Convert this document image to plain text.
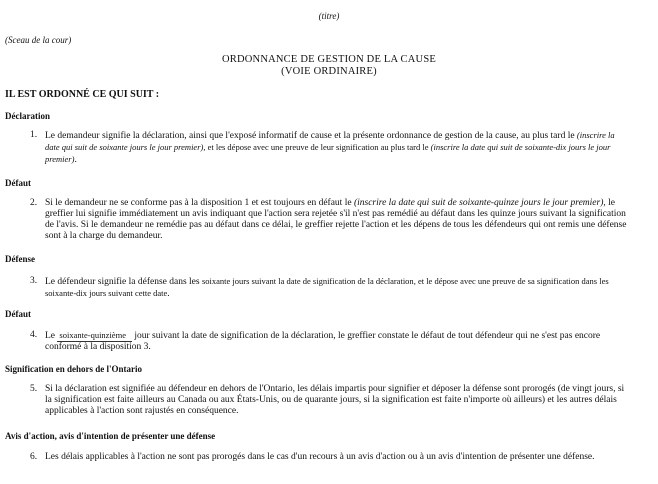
(titre)
(Sceau de la cour)
ORDONNANCE DE GESTION DE LA CAUSE
(VOIE ORDINAIRE)
IL EST ORDONNÉ CE QUI SUIT :
Déclaration
1. Le demandeur signifie la déclaration, ainsi que l'exposé informatif de cause et la présente ordonnance de gestion de la cause, au plus tard le (inscrire la date qui suit de soixante jours le jour premier), et les dépose avec une preuve de leur signification au plus tard le (inscrire la date qui suit de soixante-dix jours le jour premier).
Défaut
2. Si le demandeur ne se conforme pas à la disposition 1 et est toujours en défaut le (inscrire la date qui suit de soixante-quinze jours le jour premier), le greffier lui signifie immédiatement un avis indiquant que l'action sera rejetée s'il n'est pas remédié au défaut dans les quinze jours suivant la signification de l'avis. Si le demandeur ne remédie pas au défaut dans ce délai, le greffier rejette l'action et les dépens de tous les défendeurs qui ont remis une défense sont à la charge du demandeur.
Défense
3. Le défendeur signifie la défense dans les soixante jours suivant la date de signification de la déclaration, et le dépose avec une preuve de sa signification dans les soixante-dix jours suivant cette date.
Défaut
4. Le soixante-quinzième jour suivant la date de signification de la déclaration, le greffier constate le défaut de tout défendeur qui ne s'est pas encore conformé à la disposition 3.
Signification en dehors de l'Ontario
5. Si la déclaration est signifiée au défendeur en dehors de l'Ontario, les délais impartis pour signifier et déposer la défense sont prorogés (de vingt jours, si la signification est faite ailleurs au Canada ou aux États-Unis, ou de quarante jours, si la signification est faite n'importe où ailleurs) et les autres délais applicables à l'action sont rajustés en conséquence.
Avis d'action, avis d'intention de présenter une défense
6. Les délais applicables à l'action ne sont pas prorogés dans le cas d'un recours à un avis d'action ou à un avis d'intention de présenter une défense.
